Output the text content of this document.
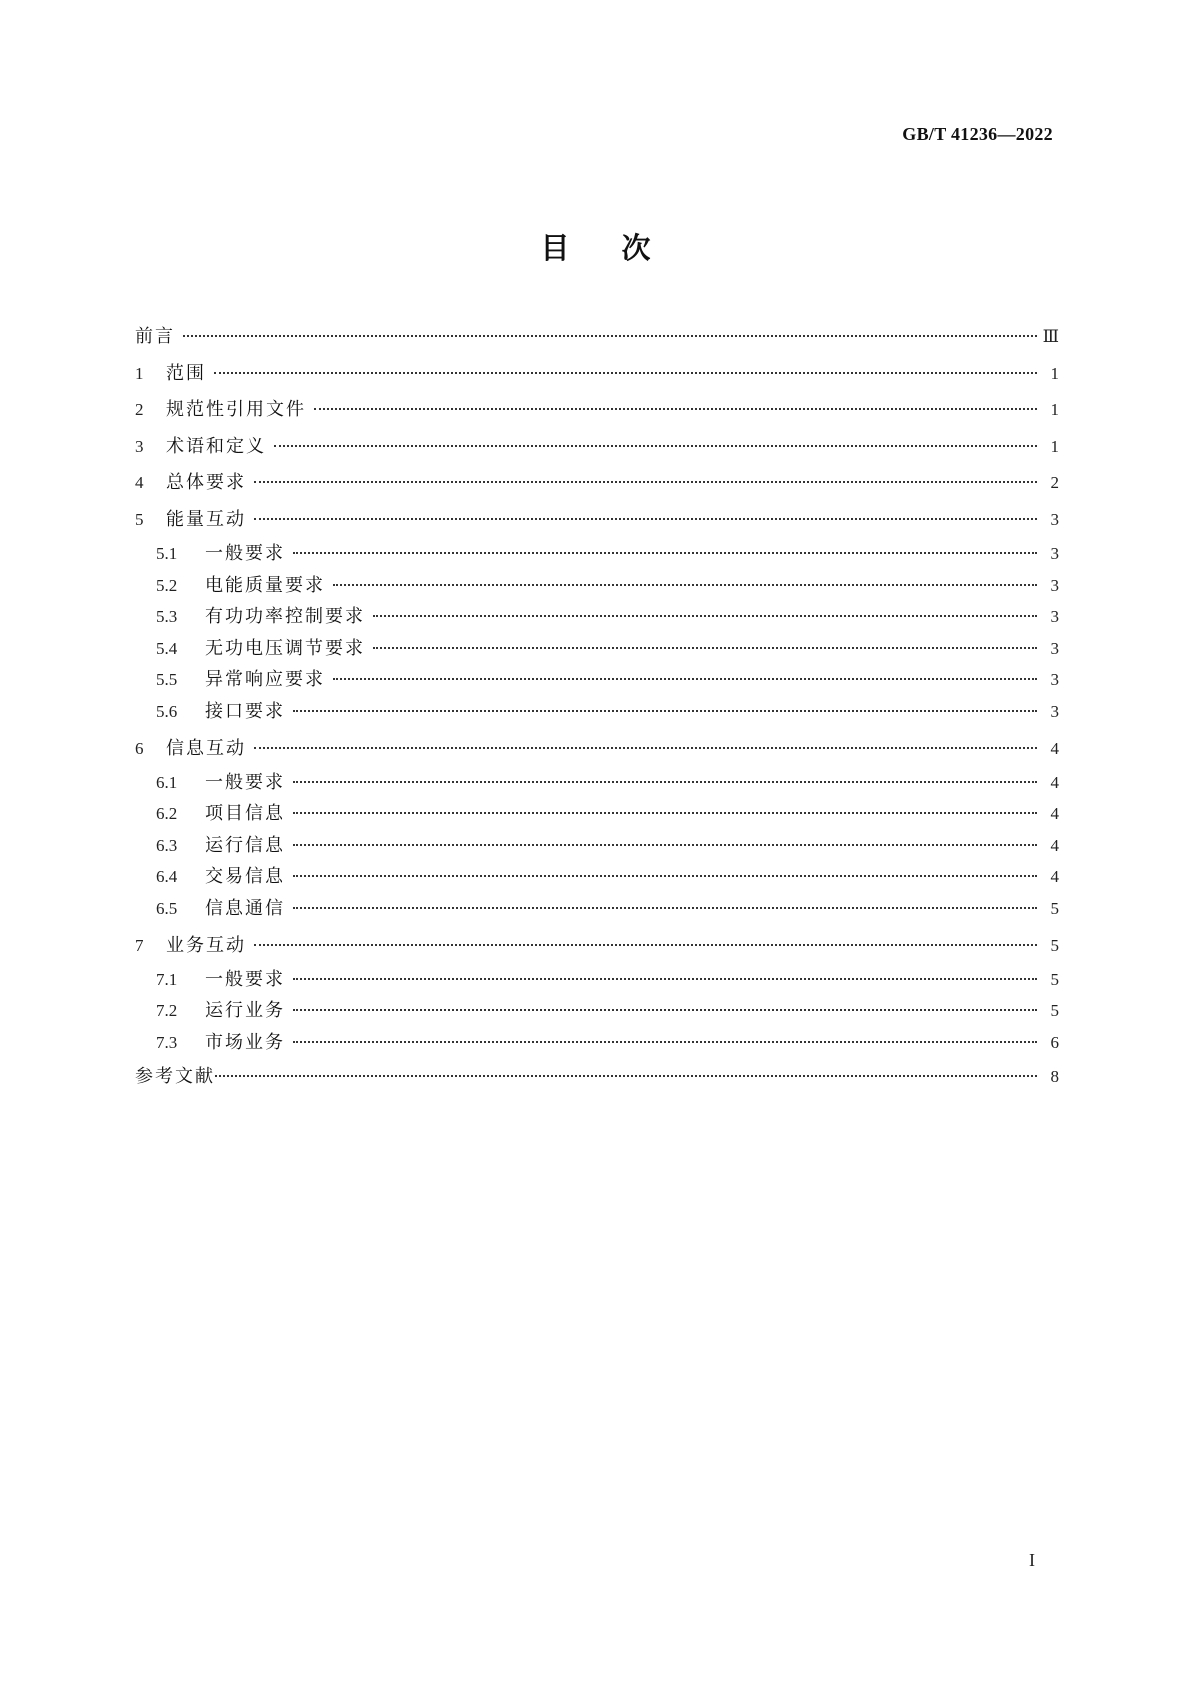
GB/T 41236—2022
目次
前言	Ⅲ
1	范围	1
2	规范性引用文件	1
3	术语和定义	1
4	总体要求	2
5	能量互动	3
5.1	一般要求	3
5.2	电能质量要求	3
5.3	有功功率控制要求	3
5.4	无功电压调节要求	3
5.5	异常响应要求	3
5.6	接口要求	3
6	信息互动	4
6.1	一般要求	4
6.2	项目信息	4
6.3	运行信息	4
6.4	交易信息	4
6.5	信息通信	5
7	业务互动	5
7.1	一般要求	5
7.2	运行业务	5
7.3	市场业务	6
参考文献	8
I
